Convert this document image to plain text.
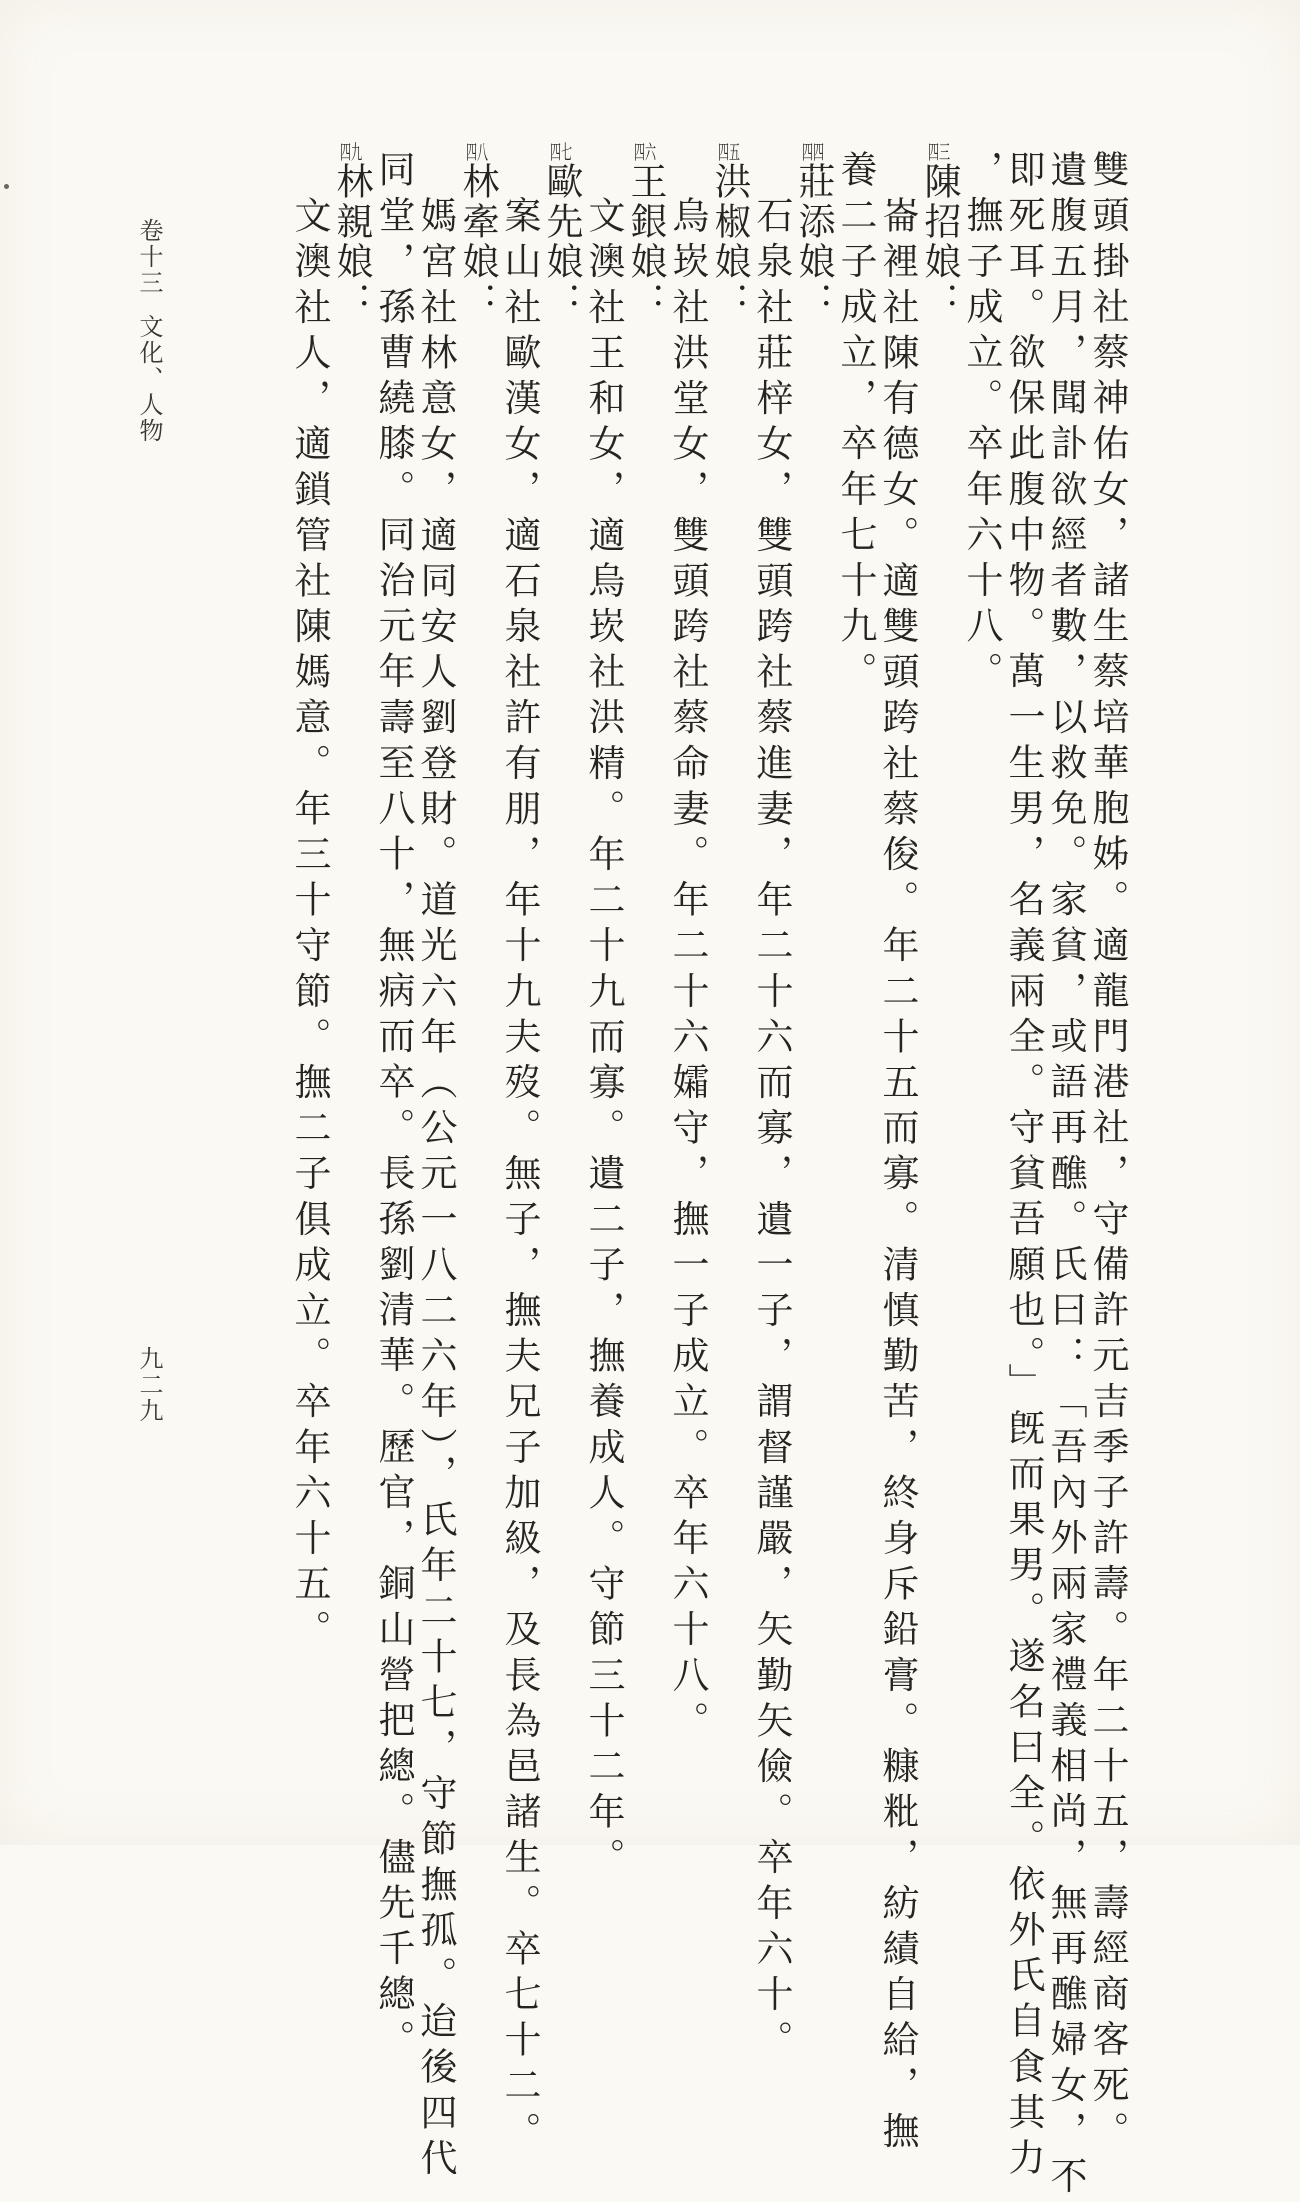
雙頭掛社蔡神佑女，諸生蔡培華胞姊。適龍門港社，守備許元吉季子許壽。年二十五，壽經商客死。
遺腹五月，聞訃欲經者數，以救免。家貧，或語再醮。氏曰：「吾內外兩家禮義相尚，無再醮婦女，不
即死耳。欲保此腹中物。萬一生男，名義兩全。守貧吾願也。」旣而果男。遂名曰全。依外氏自食其力
，撫子成立。卒年六十八。
四三陳招娘：
崙裡社陳有德女。適雙頭跨社蔡俊。年二十五而寡。清慎勤苦，終身斥鉛膏。糠粃，紡績自給，撫
養二子成立，卒年七十九。
四四莊添娘：
石泉社莊梓女，雙頭跨社蔡進妻，年二十六而寡，遺一子，謂督謹嚴，矢勤矢儉。卒年六十。
四五洪椒娘：
烏崁社洪堂女，雙頭跨社蔡命妻。年二十六孀守，撫一子成立。卒年六十八。
四六王銀娘：
文澳社王和女，適烏崁社洪精。年二十九而寡。遺二子，撫養成人。守節三十二年。
四七歐先娘：
案山社歐漢女，適石泉社許有朋，年十九夫歿。無子，撫夫兄子加級，及長為邑諸生。卒七十二。
四八林牽娘：
媽宮社林意女，適同安人劉登財。道光六年（公元一八二六年），氏年二十七，守節撫孤。迨後四代
同堂，孫曹繞膝。同治元年壽至八十，無病而卒。長孫劉清華。歷官，銅山營把總。儘先千總。
四九林親娘：
文澳社人，適鎖管社陳媽意。年三十守節。撫二子俱成立。卒年六十五。
卷十三文化、人物
九二九
